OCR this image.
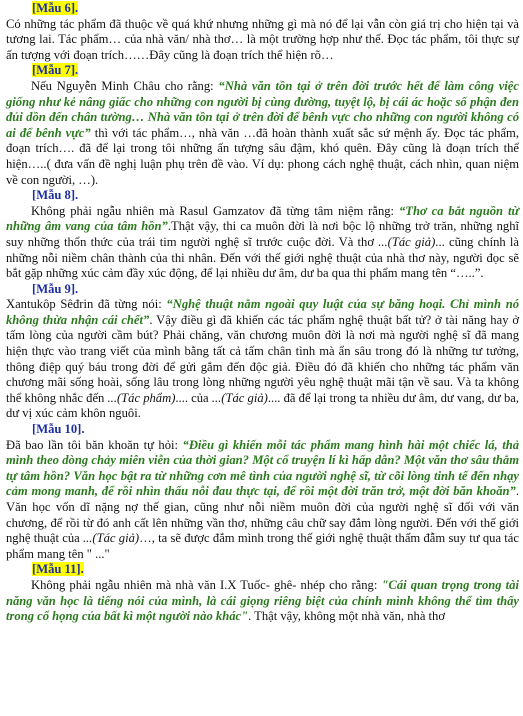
[Mẫu 6].

Có những tác phẩm đã thuộc về quá khứ nhưng những gì mà nó để lại vẫn còn giá trị cho hiện tại và tương lai. Tác phẩm… của nhà văn/ nhà thơ… là một trường hợp như thế. Đọc tác phẩm, tôi thực sự ấn tượng với đoạn trích……Đây cũng là đoạn trích thể hiện rõ…

[Mẫu 7].

Nếu Nguyễn Minh Châu cho rằng: “Nhà văn tồn tại ở trên đời trước hết để làm công việc giống như kẻ nâng giấc cho những con người bị cùng đường, tuyệt lộ, bị cái ác hoặc số phận đen đủi dồn đến chân tường… Nhà văn tồn tại ở trên đời để bênh vực cho những con người không có ai để bênh vực” thì với tác phẩm…, nhà văn …đã hoàn thành xuất sắc sứ mệnh ấy. Đọc tác phẩm, đoạn trích…. đã để lại trong tôi những ấn tượng sâu đậm, khó quên. Đây cũng là đoạn trích thể hiện…..( đưa vấn đề nghị luận phụ trên đề vào. Ví dụ: phong cách nghệ thuật, cách nhìn, quan niệm về con người, …).

[Mẫu 8].

Không phải ngẫu nhiên mà Rasul Gamzatov đã từng tâm niệm rằng: “Thơ ca bắt nguồn từ những âm vang của tâm hồn”.Thật vậy, thi ca muôn đời là nơi bộc lộ những trở trăn, những nghĩ suy những thổn thức của trái tim người nghệ sĩ trước cuộc đời. Và thơ ...(Tác giả)... cũng chính là những nỗi niềm chân thành của thi nhân. Đến với thế giới nghệ thuật của nhà thơ này, người đọc sẽ bắt gặp những xúc cảm đầy xúc động, để lại nhiều dư âm, dư ba qua thi phẩm mang tên “…..”.

[Mẫu 9].

Xantukôp Sêđrin đã từng nói: “Nghệ thuật nằm ngoài quy luật của sự băng hoại. Chỉ mình nó không thừa nhận cái chết”. Vậy điều gì đã khiến các tác phẩm nghệ thuật bất tử? ở tài năng hay ở tấm lòng của người cầm bút? Phải chăng, văn chương muôn đời là nơi mà người nghệ sĩ đã mang hiện thực vào trang viết của mình bằng tất cả tấm chân tình mà ẩn sâu trong đó là những tư tưởng, thông điệp quý báu trong đời để gửi gắm đến độc giả. Điều đó đã khiến cho những tác phẩm văn chương mãi sống hoài, sống lâu trong lòng những người yêu nghệ thuật mãi tận về sau. Và ta không thể không nhắc đến ...(Tác phẩm).... của ...(Tác giả).... đã để lại trong ta nhiều dư âm, dư vang, dư ba, dư vị xúc cảm khôn nguôi.

[Mẫu 10].

Đã bao lần tôi băn khoăn tự hỏi: “Điều gì khiến mỗi tác phẩm mang hình hài một chiếc lá, thả mình theo dòng chảy miên viễn của thời gian? Một cổ truyện lí kì hấp dẫn? Một văn thơ sâu thẳm tự tâm hồn? Văn học bật ra từ những cơn mê tình của người nghệ sĩ, từ cõi lòng tinh tế đến nhạy cảm mong manh, để rồi nhìn thấu nỗi đau thực tại, để rồi một đời trăn trở, một đời băn khoăn”. Văn học vốn dĩ nặng nợ thế gian, cũng như nỗi niềm muôn đời của người nghệ sĩ đối với văn chương, để rồi từ đó anh cất lên những vần thơ, những câu chữ say đắm lòng người. Đến với thế giới nghệ thuật của ...(Tác giả)…, ta sẽ được đắm mình trong thế giới nghệ thuật thấm đẫm suy tư qua tác phẩm mang tên " ..."

[Mẫu 11].

Không phải ngẫu nhiên mà nhà văn I.X Tuốc- ghê- nhép cho rằng: "Cái quan trọng trong tài năng văn học là tiếng nói của mình, là cái giọng riêng biệt của chính mình không thể tìm thấy trong cổ họng của bất kì một người nào khác". Thật vậy, không một nhà văn, nhà thơ
